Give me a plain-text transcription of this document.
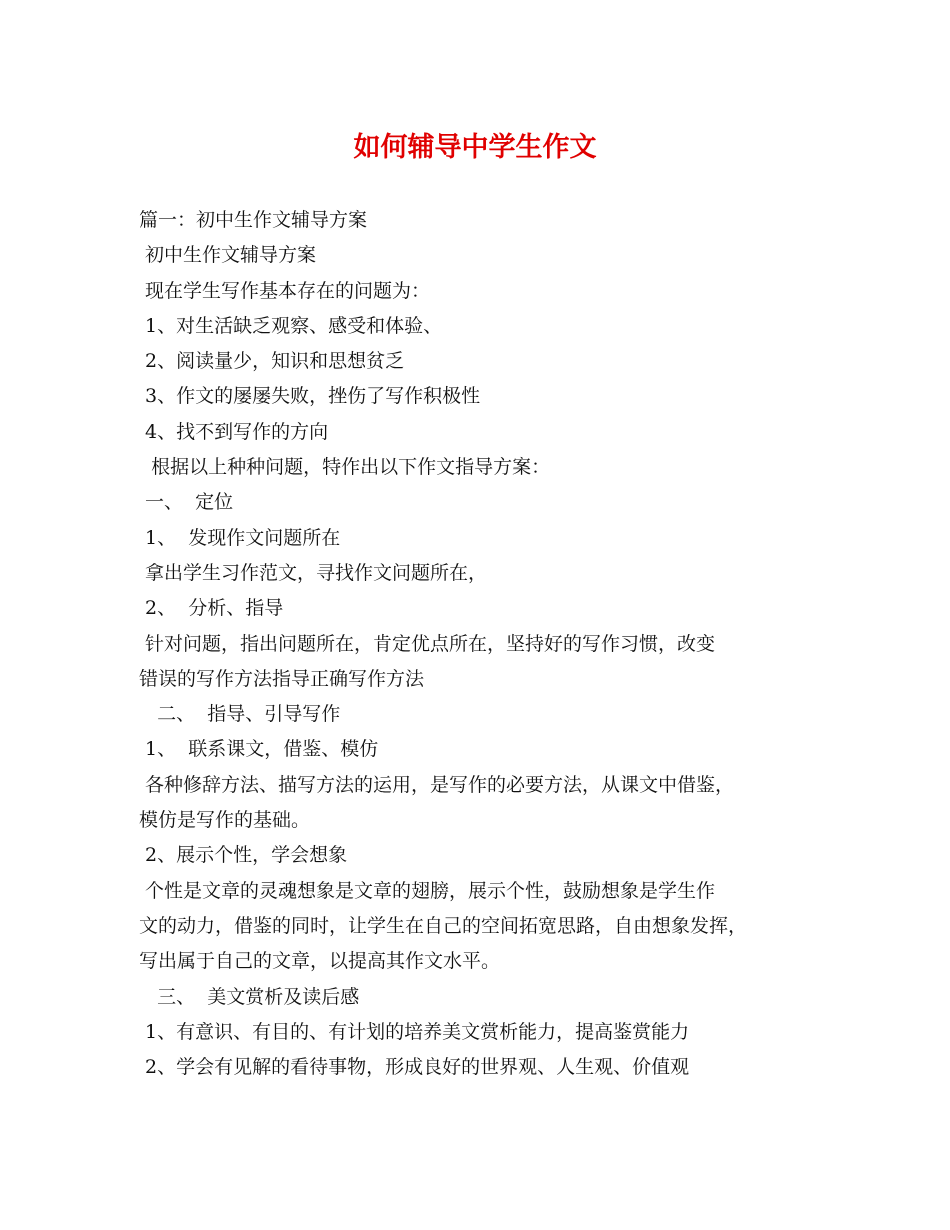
如何辅导中学生作文
篇一：初中生作文辅导方案
初中生作文辅导方案
现在学生写作基本存在的问题为：
1、对生活缺乏观察、感受和体验、
2、阅读量少，知识和思想贫乏
3、作文的屡屡失败，挫伤了写作积极性
4、找不到写作的方向
根据以上种种问题，特作出以下作文指导方案：
一、  定位
1、  发现作文问题所在
拿出学生习作范文，寻找作文问题所在，
2、  分析、指导
针对问题，指出问题所在，肯定优点所在，坚持好的写作习惯，改变
错误的写作方法指导正确写作方法
二、  指导、引导写作
1、  联系课文，借鉴、模仿
各种修辞方法、描写方法的运用，是写作的必要方法，从课文中借鉴，
模仿是写作的基础。
2、展示个性，学会想象
个性是文章的灵魂想象是文章的翅膀，展示个性，鼓励想象是学生作
文的动力，借鉴的同时，让学生在自己的空间拓宽思路，自由想象发挥，
写出属于自己的文章，以提高其作文水平。
三、  美文赏析及读后感
1、有意识、有目的、有计划的培养美文赏析能力，提高鉴赏能力
2、学会有见解的看待事物，形成良好的世界观、人生观、价值观
